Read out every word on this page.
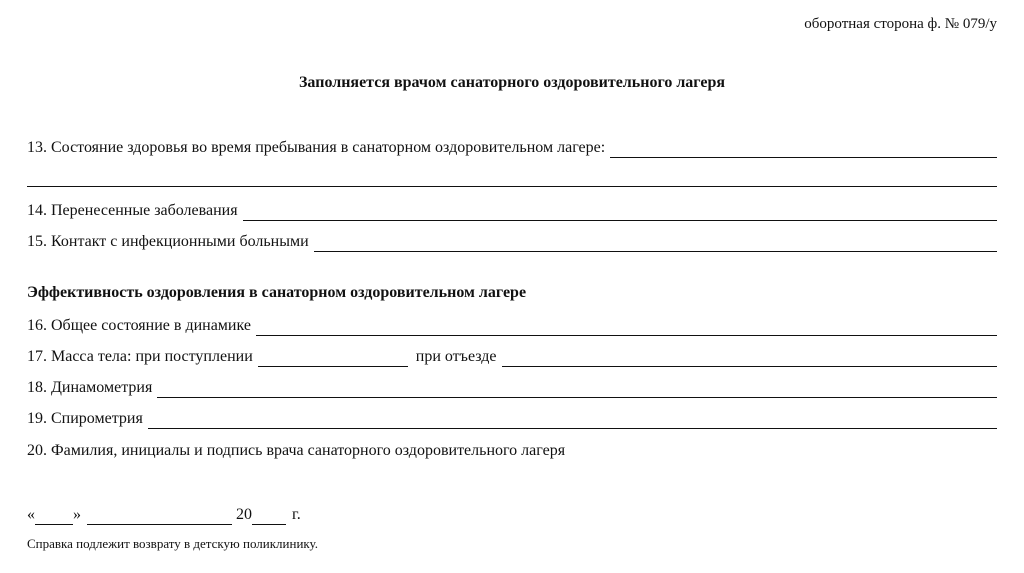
оборотная сторона ф. № 079/у
Заполняется врачом санаторного оздоровительного лагеря
13. Состояние здоровья во время пребывания в санаторном оздоровительном лагере:
14. Перенесенные заболевания
15. Контакт с инфекционными больными
Эффективность оздоровления в санаторном оздоровительном лагере
16. Общее состояние в динамике
17. Масса тела: при поступлении	при отъезде
18. Динамометрия
19. Спирометрия
20. Фамилия, инициалы и подпись врача санаторного оздоровительного лагеря
« »	20	г.
Справка подлежит возврату в детскую поликлинику.
